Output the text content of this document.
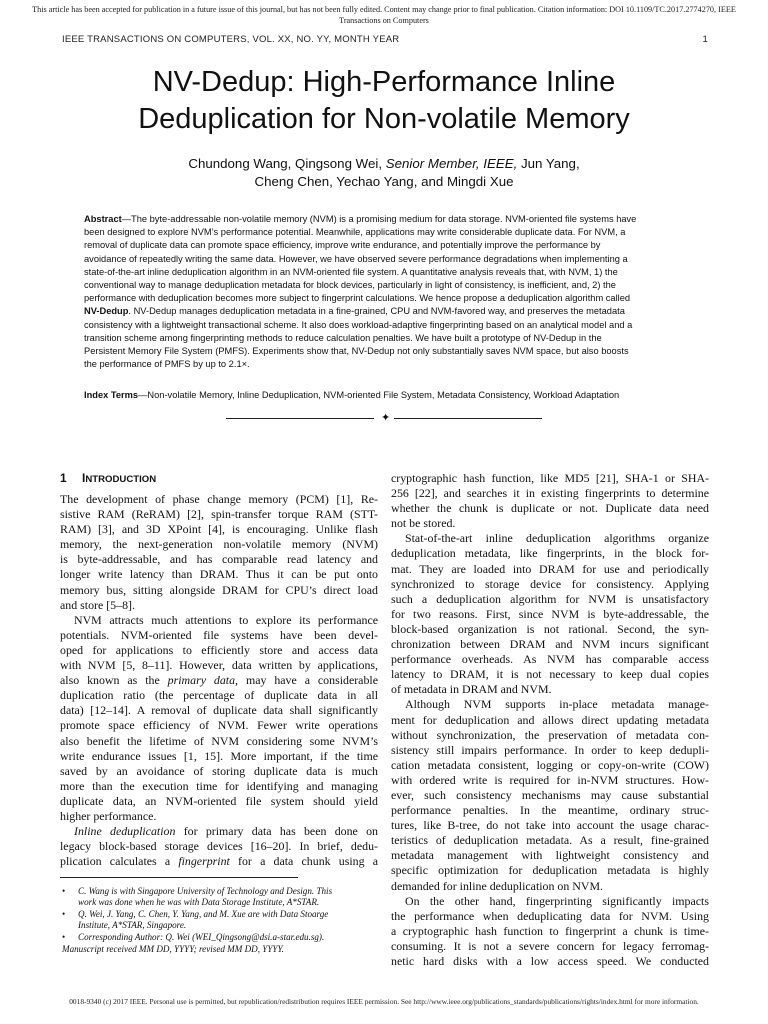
This article has been accepted for publication in a future issue of this journal, but has not been fully edited. Content may change prior to final publication. Citation information: DOI 10.1109/TC.2017.2774270, IEEE
Transactions on Computers
IEEE TRANSACTIONS ON COMPUTERS, VOL. XX, NO. YY, MONTH YEAR	1
NV-Dedup: High-Performance Inline
Deduplication for Non-volatile Memory
Chundong Wang, Qingsong Wei, Senior Member, IEEE, Jun Yang,
Cheng Chen, Yechao Yang, and Mingdi Xue
Abstract—The byte-addressable non-volatile memory (NVM) is a promising medium for data storage. NVM-oriented file systems have
been designed to explore NVM’s performance potential. Meanwhile, applications may write considerable duplicate data. For NVM, a
removal of duplicate data can promote space efficiency, improve write endurance, and potentially improve the performance by
avoidance of repeatedly writing the same data. However, we have observed severe performance degradations when implementing a
state-of-the-art inline deduplication algorithm in an NVM-oriented file system. A quantitative analysis reveals that, with NVM, 1) the
conventional way to manage deduplication metadata for block devices, particularly in light of consistency, is inefficient, and, 2) the
performance with deduplication becomes more subject to fingerprint calculations. We hence propose a deduplication algorithm called
NV-Dedup. NV-Dedup manages deduplication metadata in a fine-grained, CPU and NVM-favored way, and preserves the metadata
consistency with a lightweight transactional scheme. It also does workload-adaptive fingerprinting based on an analytical model and a
transition scheme among fingerprinting methods to reduce calculation penalties. We have built a prototype of NV-Dedup in the
Persistent Memory File System (PMFS). Experiments show that, NV-Dedup not only substantially saves NVM space, but also boosts
the performance of PMFS by up to 2.1×.
Index Terms—Non-volatile Memory, Inline Deduplication, NVM-oriented File System, Metadata Consistency, Workload Adaptation
✦
1 INTRODUCTION
The development of phase change memory (PCM) [1], Re-
sistive RAM (ReRAM) [2], spin-transfer torque RAM (STT-
RAM) [3], and 3D XPoint [4], is encouraging. Unlike flash
memory, the next-generation non-volatile memory (NVM)
is byte-addressable, and has comparable read latency and
longer write latency than DRAM. Thus it can be put onto
memory bus, sitting alongside DRAM for CPU’s direct load
and store [5–8].
NVM attracts much attentions to explore its performance
potentials. NVM-oriented file systems have been devel-
oped for applications to efficiently store and access data
with NVM [5, 8–11]. However, data written by applications,
also known as the primary data, may have a considerable
duplication ratio (the percentage of duplicate data in all
data) [12–14]. A removal of duplicate data shall significantly
promote space efficiency of NVM. Fewer write operations
also benefit the lifetime of NVM considering some NVM’s
write endurance issues [1, 15]. More important, if the time
saved by an avoidance of storing duplicate data is much
more than the execution time for identifying and managing
duplicate data, an NVM-oriented file system should yield
higher performance.
Inline deduplication for primary data has been done on
legacy block-based storage devices [16–20]. In brief, dedu-
plication calculates a fingerprint for a data chunk using a
• C. Wang is with Singapore University of Technology and Design. This
work was done when he was with Data Storage Institute, A*STAR.
• Q. Wei, J. Yang, C. Chen, Y. Yang, and M. Xue are with Data Stoarge
Institute, A*STAR, Singapore.
• Corresponding Author: Q. Wei (WEI_Qingsong@dsi.a-star.edu.sg).
Manuscript received MM DD, YYYY; revised MM DD, YYYY.
cryptographic hash function, like MD5 [21], SHA-1 or SHA-
256 [22], and searches it in existing fingerprints to determine
whether the chunk is duplicate or not. Duplicate data need
not be stored.
Stat-of-the-art inline deduplication algorithms organize
deduplication metadata, like fingerprints, in the block for-
mat. They are loaded into DRAM for use and periodically
synchronized to storage device for consistency. Applying
such a deduplication algorithm for NVM is unsatisfactory
for two reasons. First, since NVM is byte-addressable, the
block-based organization is not rational. Second, the syn-
chronization between DRAM and NVM incurs significant
performance overheads. As NVM has comparable access
latency to DRAM, it is not necessary to keep dual copies
of metadata in DRAM and NVM.
Although NVM supports in-place metadata manage-
ment for deduplication and allows direct updating metadata
without synchronization, the preservation of metadata con-
sistency still impairs performance. In order to keep dedupli-
cation metadata consistent, logging or copy-on-write (COW)
with ordered write is required for in-NVM structures. How-
ever, such consistency mechanisms may cause substantial
performance penalties. In the meantime, ordinary struc-
tures, like B-tree, do not take into account the usage charac-
teristics of deduplication metadata. As a result, fine-grained
metadata management with lightweight consistency and
specific optimization for deduplication metadata is highly
demanded for inline deduplication on NVM.
On the other hand, fingerprinting significantly impacts
the performance when deduplicating data for NVM. Using
a cryptographic hash function to fingerprint a chunk is time-
consuming. It is not a severe concern for legacy ferromag-
netic hard disks with a low access speed. We conducted
0018-9340 (c) 2017 IEEE. Personal use is permitted, but republication/redistribution requires IEEE permission. See http://www.ieee.org/publications_standards/publications/rights/index.html for more information.
